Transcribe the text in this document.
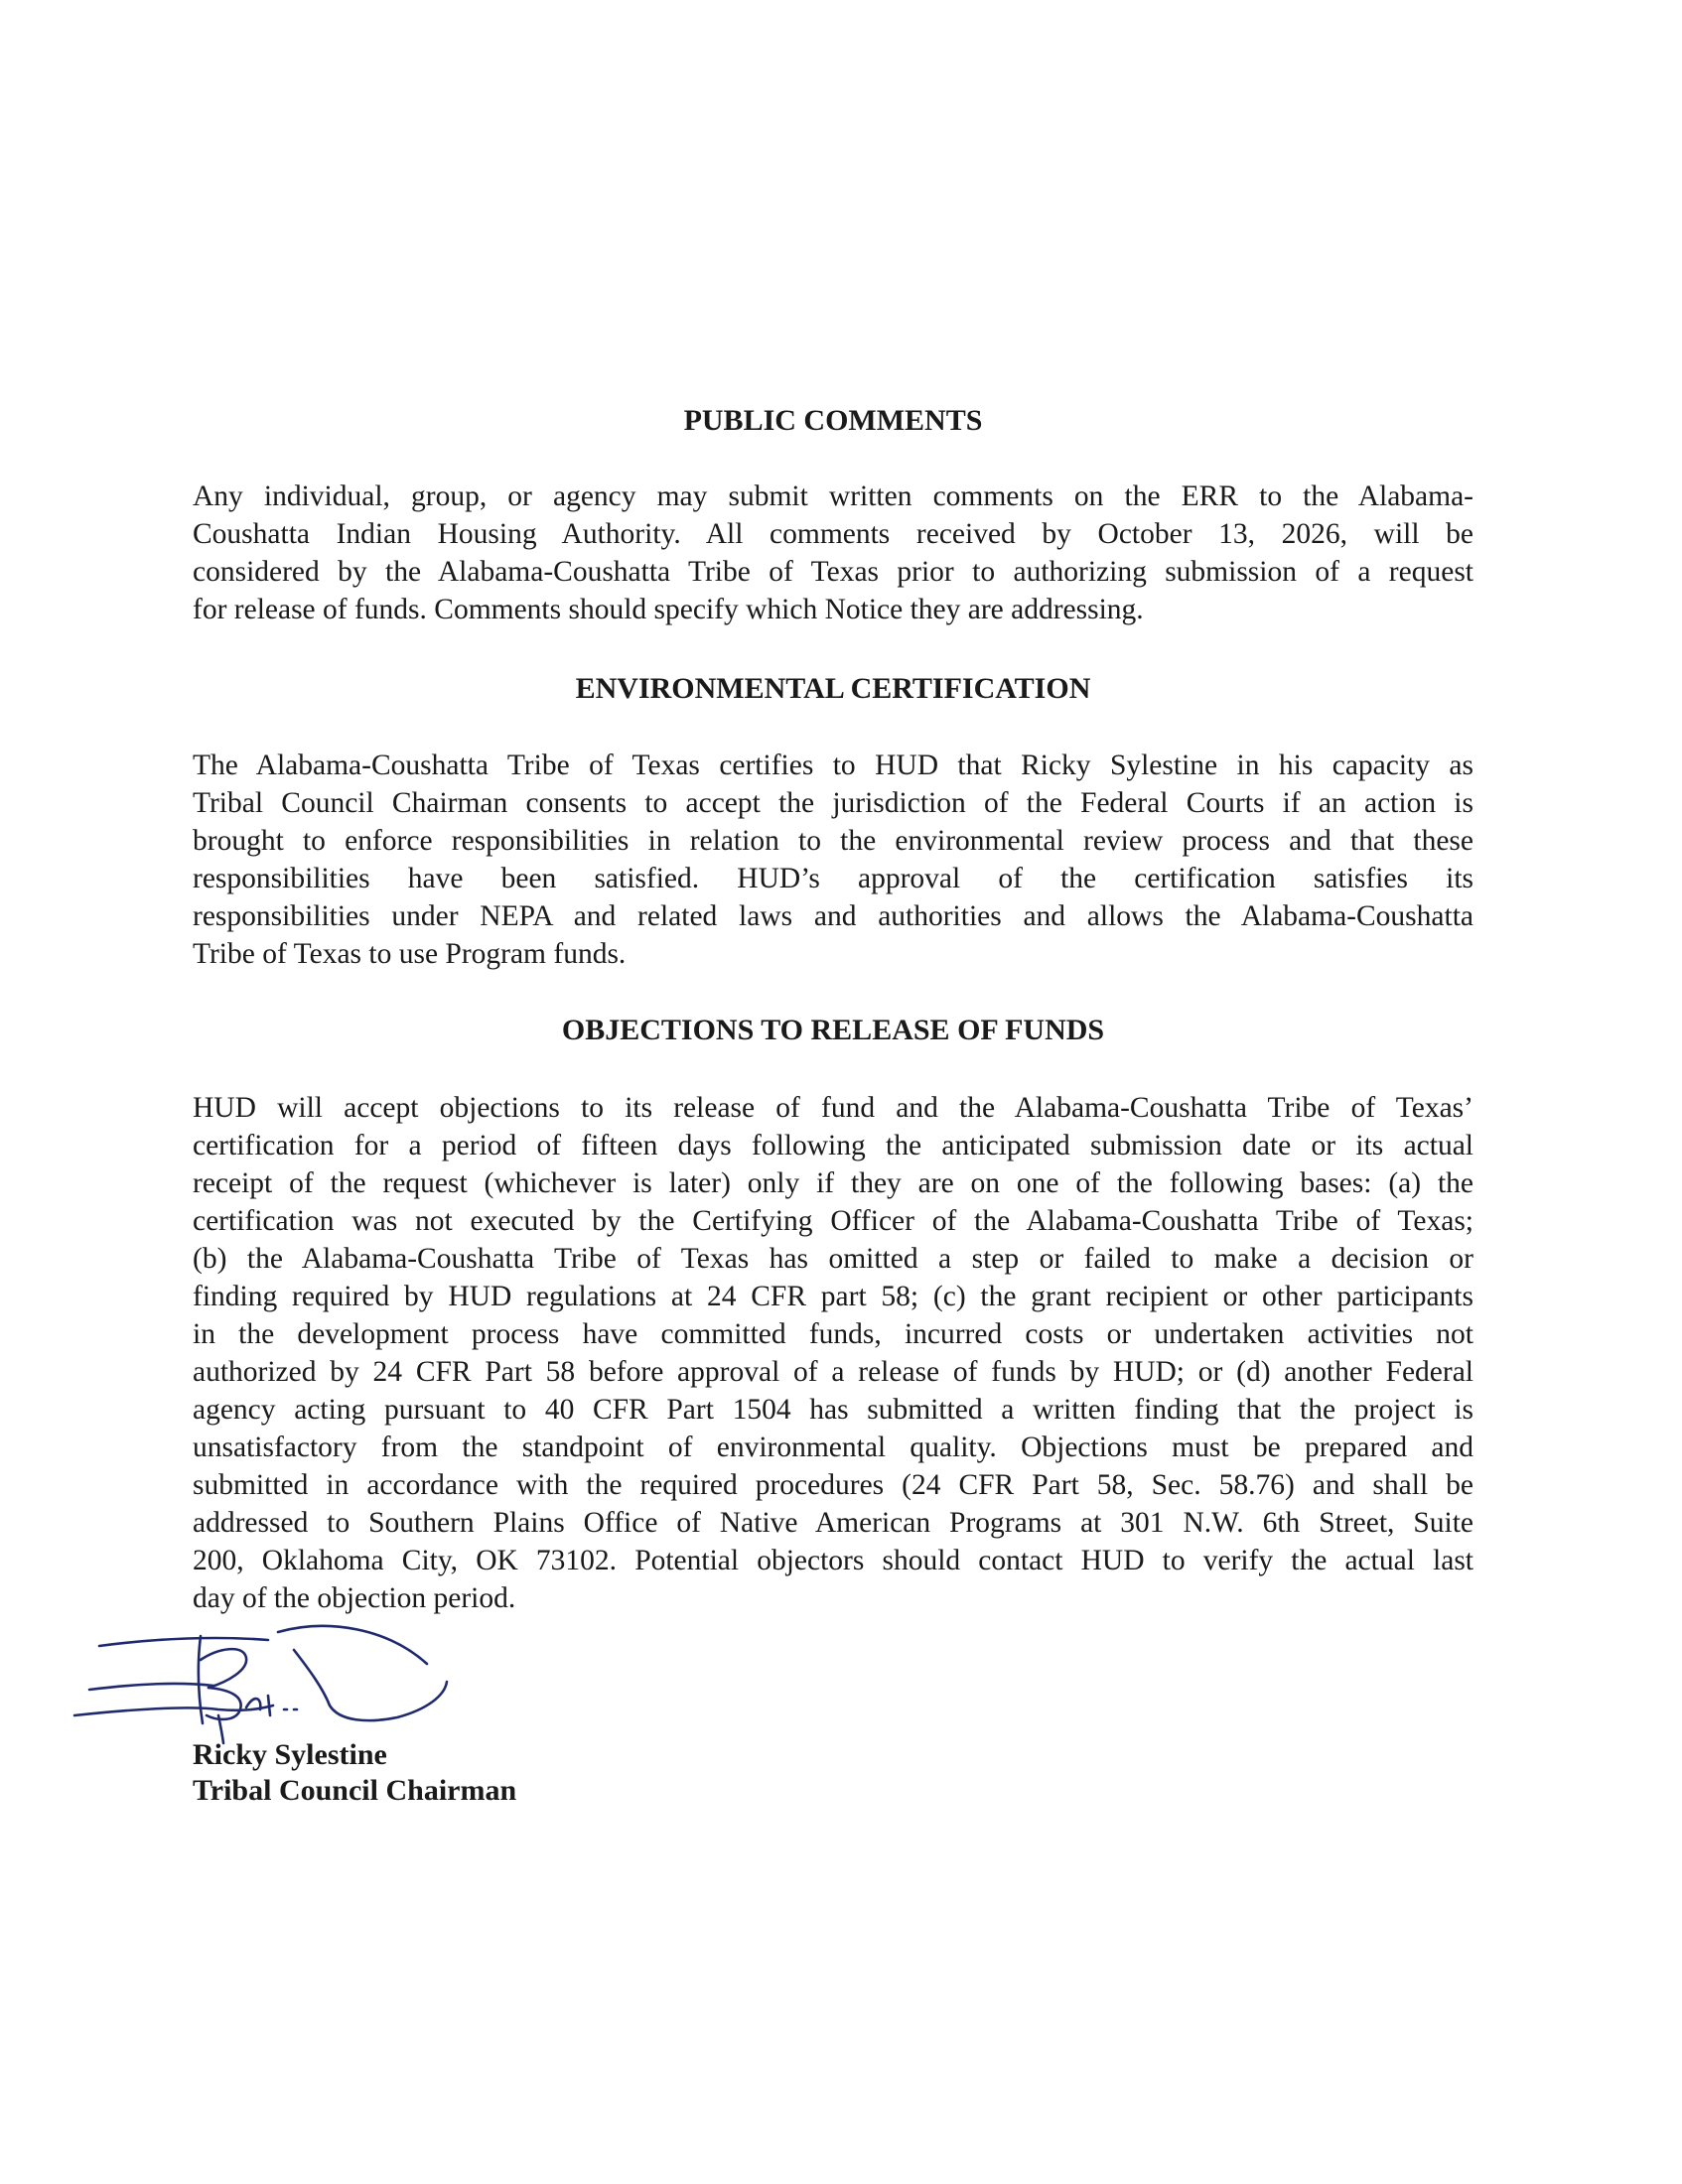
PUBLIC COMMENTS

Any individual, group, or agency may submit written comments on the ERR to the Alabama-
Coushatta Indian Housing Authority. All comments received by October 13, 2026, will be
considered by the Alabama-Coushatta Tribe of Texas prior to authorizing submission of a request
for release of funds. Comments should specify which Notice they are addressing.

ENVIRONMENTAL CERTIFICATION

The Alabama-Coushatta Tribe of Texas certifies to HUD that Ricky Sylestine in his capacity as
Tribal Council Chairman consents to accept the jurisdiction of the Federal Courts if an action is
brought to enforce responsibilities in relation to the environmental review process and that these
responsibilities have been satisfied. HUD’s approval of the certification satisfies its
responsibilities under NEPA and related laws and authorities and allows the Alabama-Coushatta
Tribe of Texas to use Program funds.

OBJECTIONS TO RELEASE OF FUNDS

HUD will accept objections to its release of fund and the Alabama-Coushatta Tribe of Texas’
certification for a period of fifteen days following the anticipated submission date or its actual
receipt of the request (whichever is later) only if they are on one of the following bases: (a) the
certification was not executed by the Certifying Officer of the Alabama-Coushatta Tribe of Texas;
(b) the Alabama-Coushatta Tribe of Texas has omitted a step or failed to make a decision or
finding required by HUD regulations at 24 CFR part 58; (c) the grant recipient or other participants
in the development process have committed funds, incurred costs or undertaken activities not
authorized by 24 CFR Part 58 before approval of a release of funds by HUD; or (d) another Federal
agency acting pursuant to 40 CFR Part 1504 has submitted a written finding that the project is
unsatisfactory from the standpoint of environmental quality. Objections must be prepared and
submitted in accordance with the required procedures (24 CFR Part 58, Sec. 58.76) and shall be
addressed to Southern Plains Office of Native American Programs at 301 N.W. 6th Street, Suite
200, Oklahoma City, OK 73102. Potential objectors should contact HUD to verify the actual last
day of the objection period.

Ricky Sylestine
Tribal Council Chairman
